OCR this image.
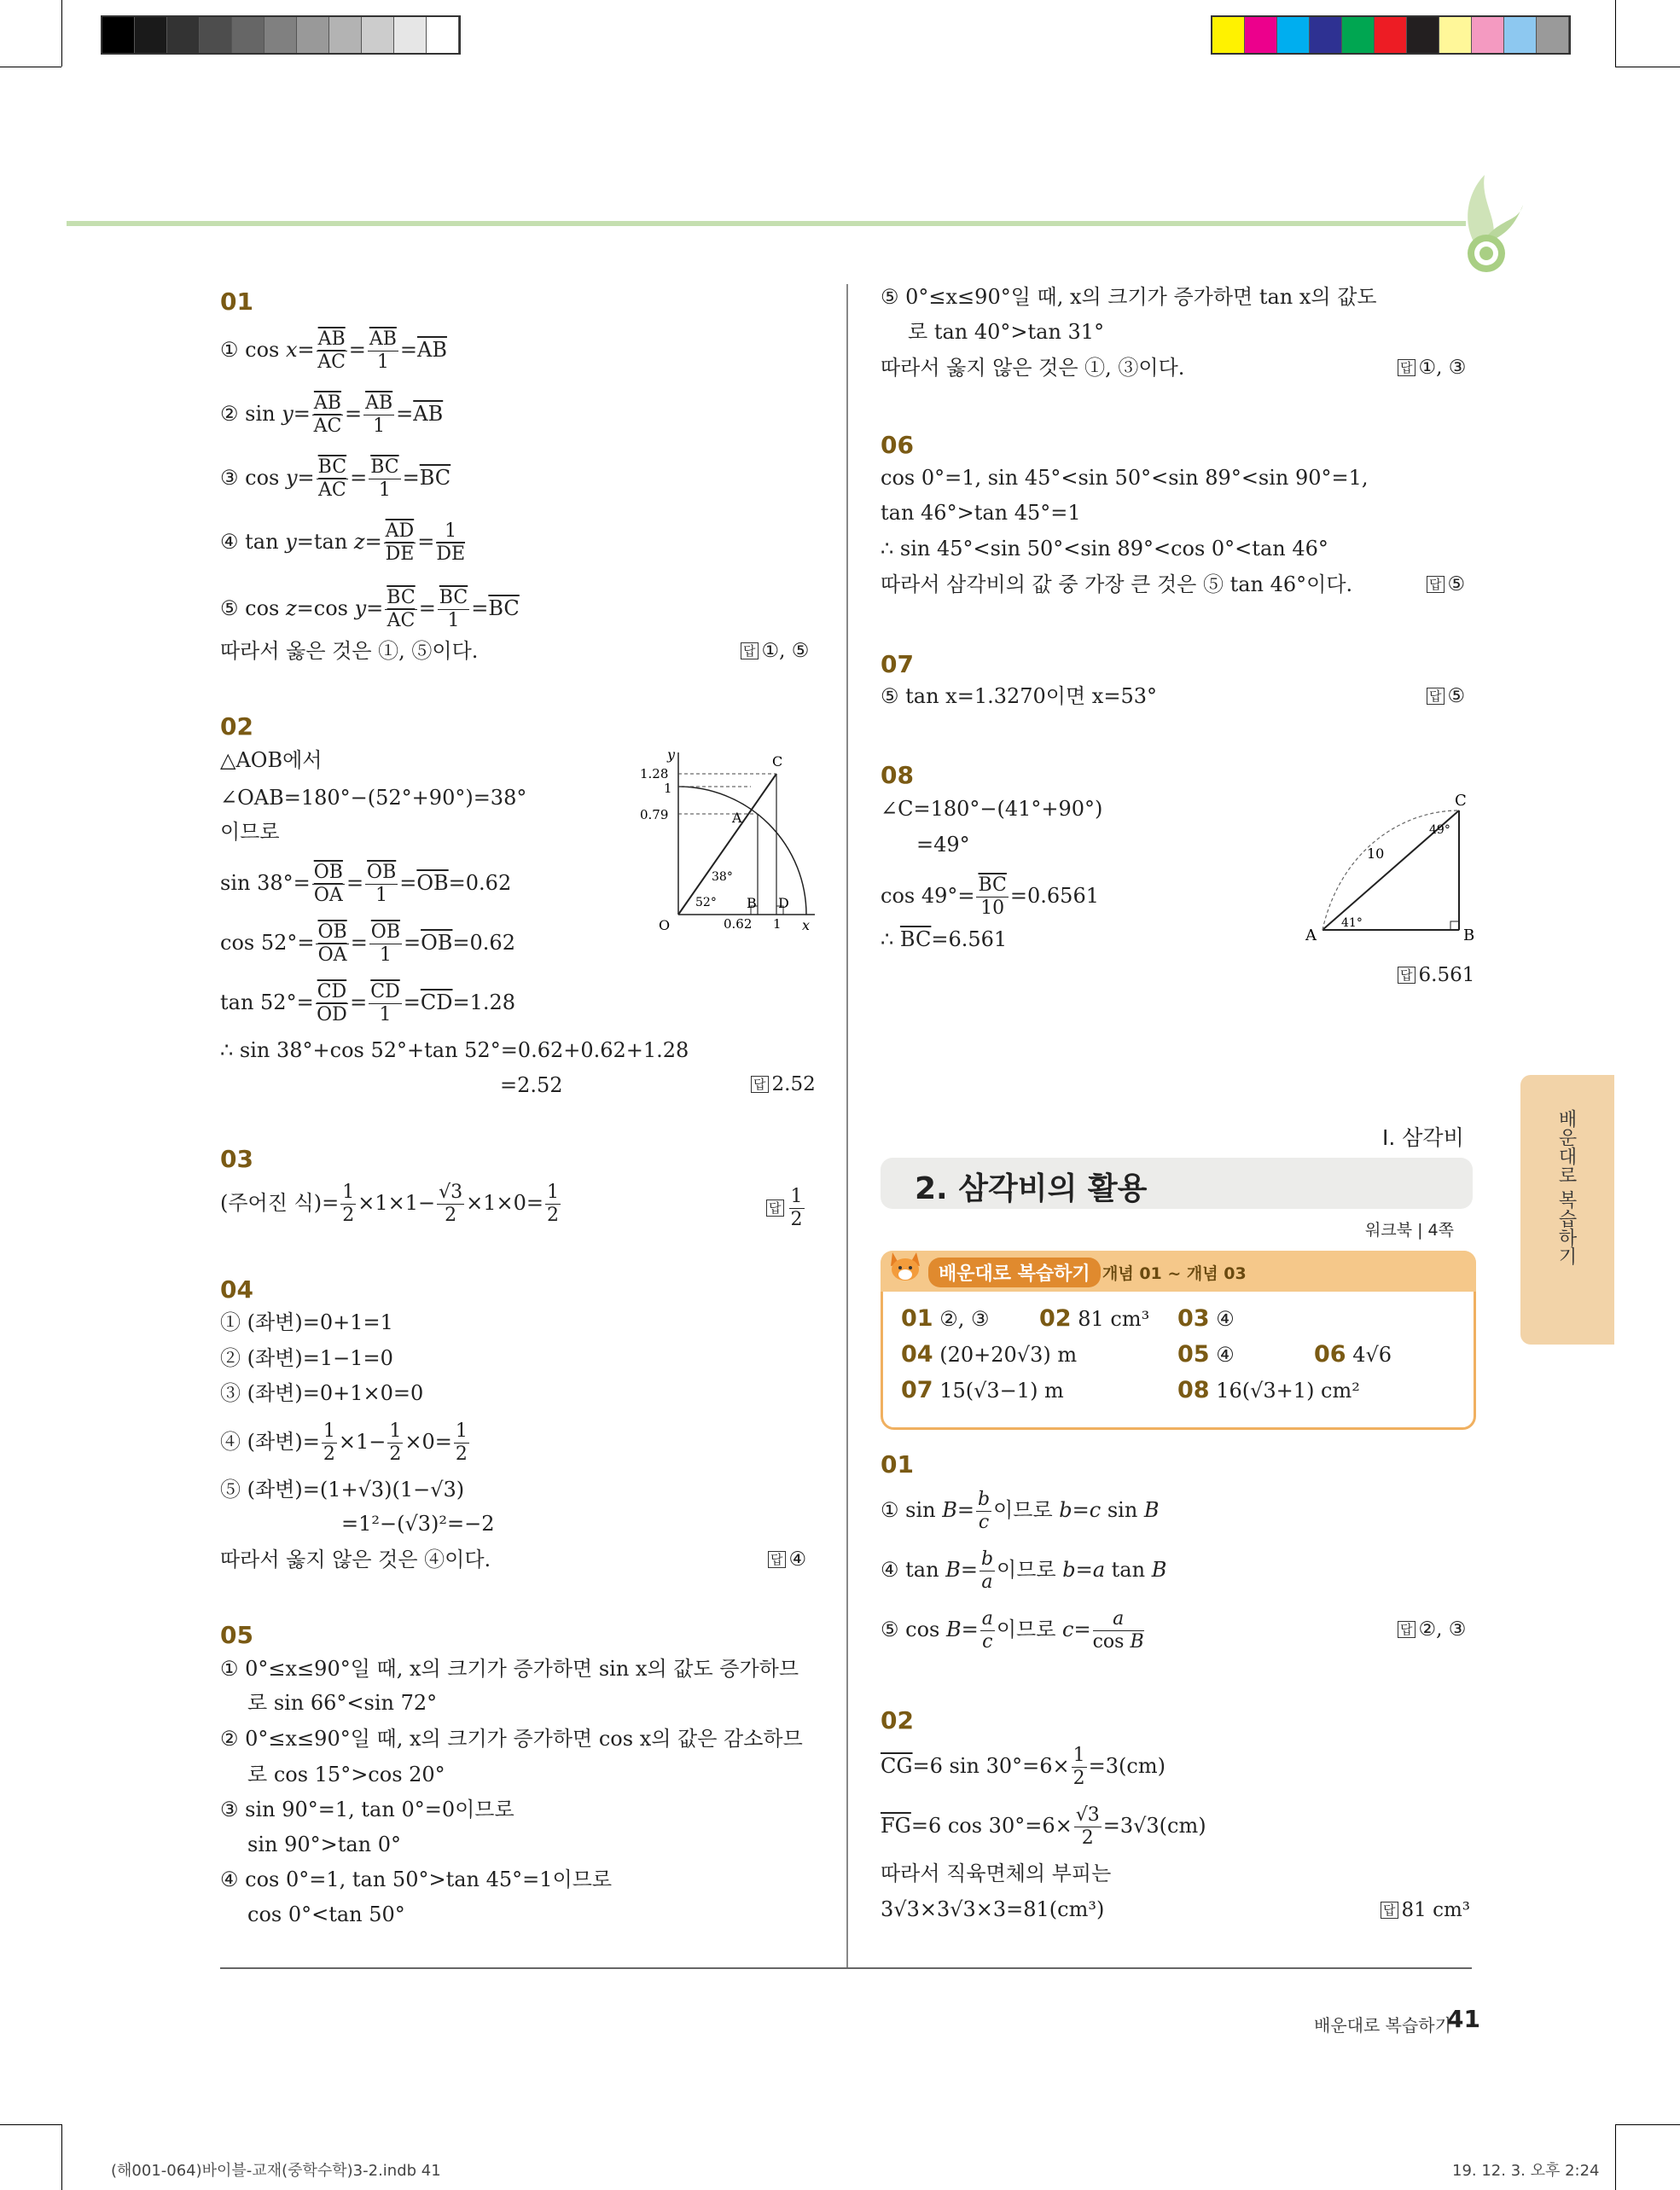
01
① $\cos x= \frac{\overline{AB}}{AC} = \frac{\overline{AB}}{1} =\overline{AB}$
② $\sin y= \frac{\overline{AB}}{AC} = \frac{\overline{AB}}{1} =\overline{AB}$
③ $\cos y= \frac{\overline{BC}}{AC} = \frac{\overline{BC}}{1} =\overline{BC}$
④ tan y=tan $z= \frac{\overline{AD}}{DE} = \frac{1}{DE}$
⑤ cos z=cos $y= \frac{\overline{BC}}{AC} = \frac{\overline{BC}}{1} =\overline{BC}$
따라서 옳은 것은 ①, ⑤이다.	답 ①, ⑤
02
△AOB에서
∠OAB=180°−(52°+90°)=38°
이므로
$\sin 38^\circ= \frac{\overline{OB}}{OA} = \frac{\overline{OB}}{1} =\overline{OB}=0.62$
$\cos 52^\circ= \frac{\overline{OB}}{OA} = \frac{\overline{OB}}{1} =\overline{OB}=0.62$
$\tan 52^\circ= \frac{\overline{CD}}{OD} = \frac{\overline{CD}}{1} =\overline{CD}=1.28$
∴ sin 38°+cos 52°+tan 52°=0.62+0.62+1.28
=2.52	답 2.52
y
x
O
1.28
1
0.79
C
A
38°
52° B D
0.62 1
03
(주어진 식)= $\frac{1}{2} \times 1\times 1- \frac{√3}{2} \times 1\times 0= \frac{1}{2}$	답 $\frac{1}{2}$
04
① (좌변)=0+1=1
② (좌변)=1−1=0
③ (좌변)=0+1×0=0
④ (좌변)= $\frac{1}{2} \times 1- \frac{1}{2} \times 0= \frac{1}{2}$
⑤ (좌변)=(1+√3)(1−√3)
=1²−(√3)²=−2
따라서 옳지 않은 것은 ④이다.	답 ④
05
① 0°≤x≤90°일 때, x의 크기가 증가하면 sin x의 값도 증가하므
로 sin 66°<sin 72°
② 0°≤x≤90°일 때, x의 크기가 증가하면 cos x의 값은 감소하므
로 cos 15°>cos 20°
③ sin 90°=1, tan 0°=0이므로
sin 90°>tan 0°
④ cos 0°=1, tan 50°>tan 45°=1이므로
cos 0°<tan 50°
⑤ 0°≤x≤90°일 때, x의 크기가 증가하면 tan x의 값도
로 tan 40°>tan 31°
따라서 옳지 않은 것은 ①, ③이다.	답 ①, ③
06
cos 0°=1, sin 45°<sin 50°<sin 89°<sin 90°=1,
tan 46°>tan 45°=1
∴ sin 45°<sin 50°<sin 89°<cos 0°<tan 46°
따라서 삼각비의 값 중 가장 큰 것은 ⑤ tan 46°이다.	답 ⑤
07
⑤ tan x=1.3270이면 x=53°	답 ⑤
08
∠C=180°−(41°+90°)
=49°
$\cos 49^\circ= \frac{\overline{BC}}{10} =0.6561$
∴ $\overline{BC}=6.561$
답 6.561
A	B
C
10
41°
49°
Ⅰ. 삼각비
2. 삼각비의 활용
워크북 | 4쪽
배운대로 복습하기 개념 01 ~ 개념 03
01 ②, ③ 02 81 cm³ 03 ④
04 (20+20√3) m	05 ④	06 4√6
07 15(√3−1) m	08 16(√3+1) cm²
01
① $\sin B= \frac{b}{c}$ 이므로 b=c sin B
④ $\tan B= \frac{b}{a}$ 이므로 b=a tan B
⑤ $\cos B= \frac{a}{c}$ 이므로 $c= \frac{a}{\text{cos B}}$	답 ②, ③
02
$\overline{CG}=6$ $\sin 30^\circ=6\times \frac{1}{2} =3(cm)$
$\overline{FG}=6$ $\cos 30^\circ=6\times \frac{√3}{2} =3√3(cm)$
따라서 직육면체의 부피는
3√3×3√3×3=81(cm³)	답 81 cm³
배운대로 복습하기
배운대로 복습하기
41
(해001-064)바이블-교재(중학수학)3-2.indb 41	19. 12. 3. 오후 2:24
